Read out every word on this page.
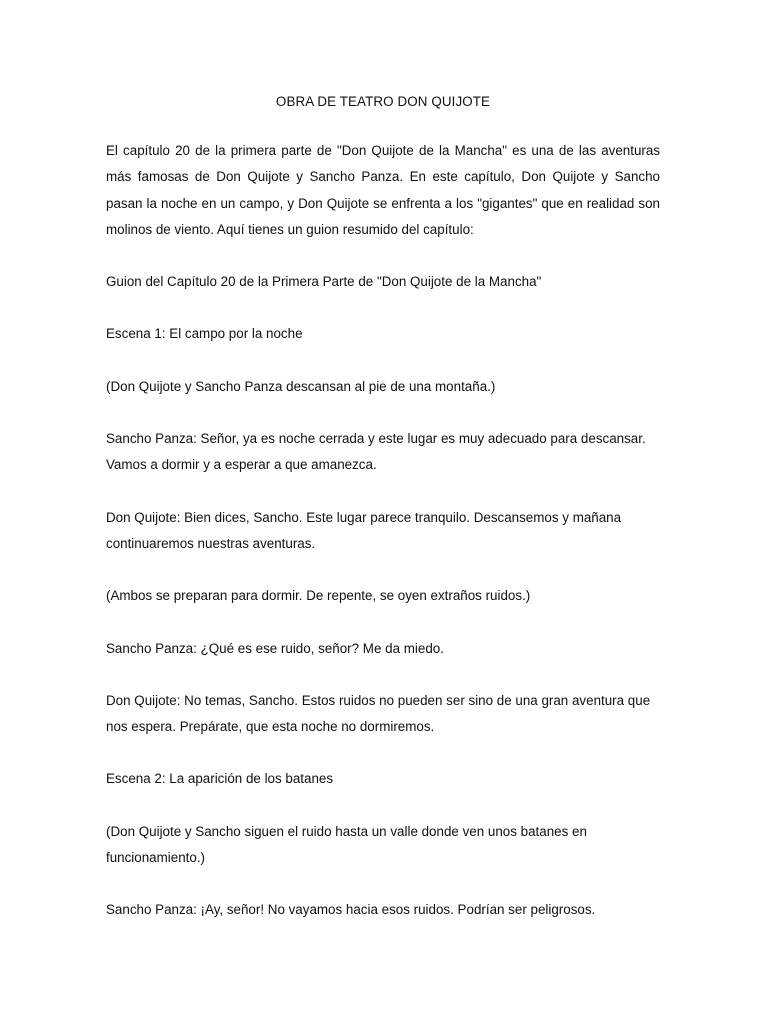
OBRA DE TEATRO DON QUIJOTE

El capítulo 20 de la primera parte de "Don Quijote de la Mancha" es una de las aventuras más famosas de Don Quijote y Sancho Panza. En este capítulo, Don Quijote y Sancho pasan la noche en un campo, y Don Quijote se enfrenta a los "gigantes" que en realidad son molinos de viento. Aquí tienes un guion resumido del capítulo:

Guion del Capítulo 20 de la Primera Parte de "Don Quijote de la Mancha"

Escena 1: El campo por la noche

(Don Quijote y Sancho Panza descansan al pie de una montaña.)

Sancho Panza: Señor, ya es noche cerrada y este lugar es muy adecuado para descansar. Vamos a dormir y a esperar a que amanezca.

Don Quijote: Bien dices, Sancho. Este lugar parece tranquilo. Descansemos y mañana continuaremos nuestras aventuras.

(Ambos se preparan para dormir. De repente, se oyen extraños ruidos.)

Sancho Panza: ¿Qué es ese ruido, señor? Me da miedo.

Don Quijote: No temas, Sancho. Estos ruidos no pueden ser sino de una gran aventura que nos espera. Prepárate, que esta noche no dormiremos.

Escena 2: La aparición de los batanes

(Don Quijote y Sancho siguen el ruido hasta un valle donde ven unos batanes en funcionamiento.)

Sancho Panza: ¡Ay, señor! No vayamos hacia esos ruidos. Podrían ser peligrosos.
